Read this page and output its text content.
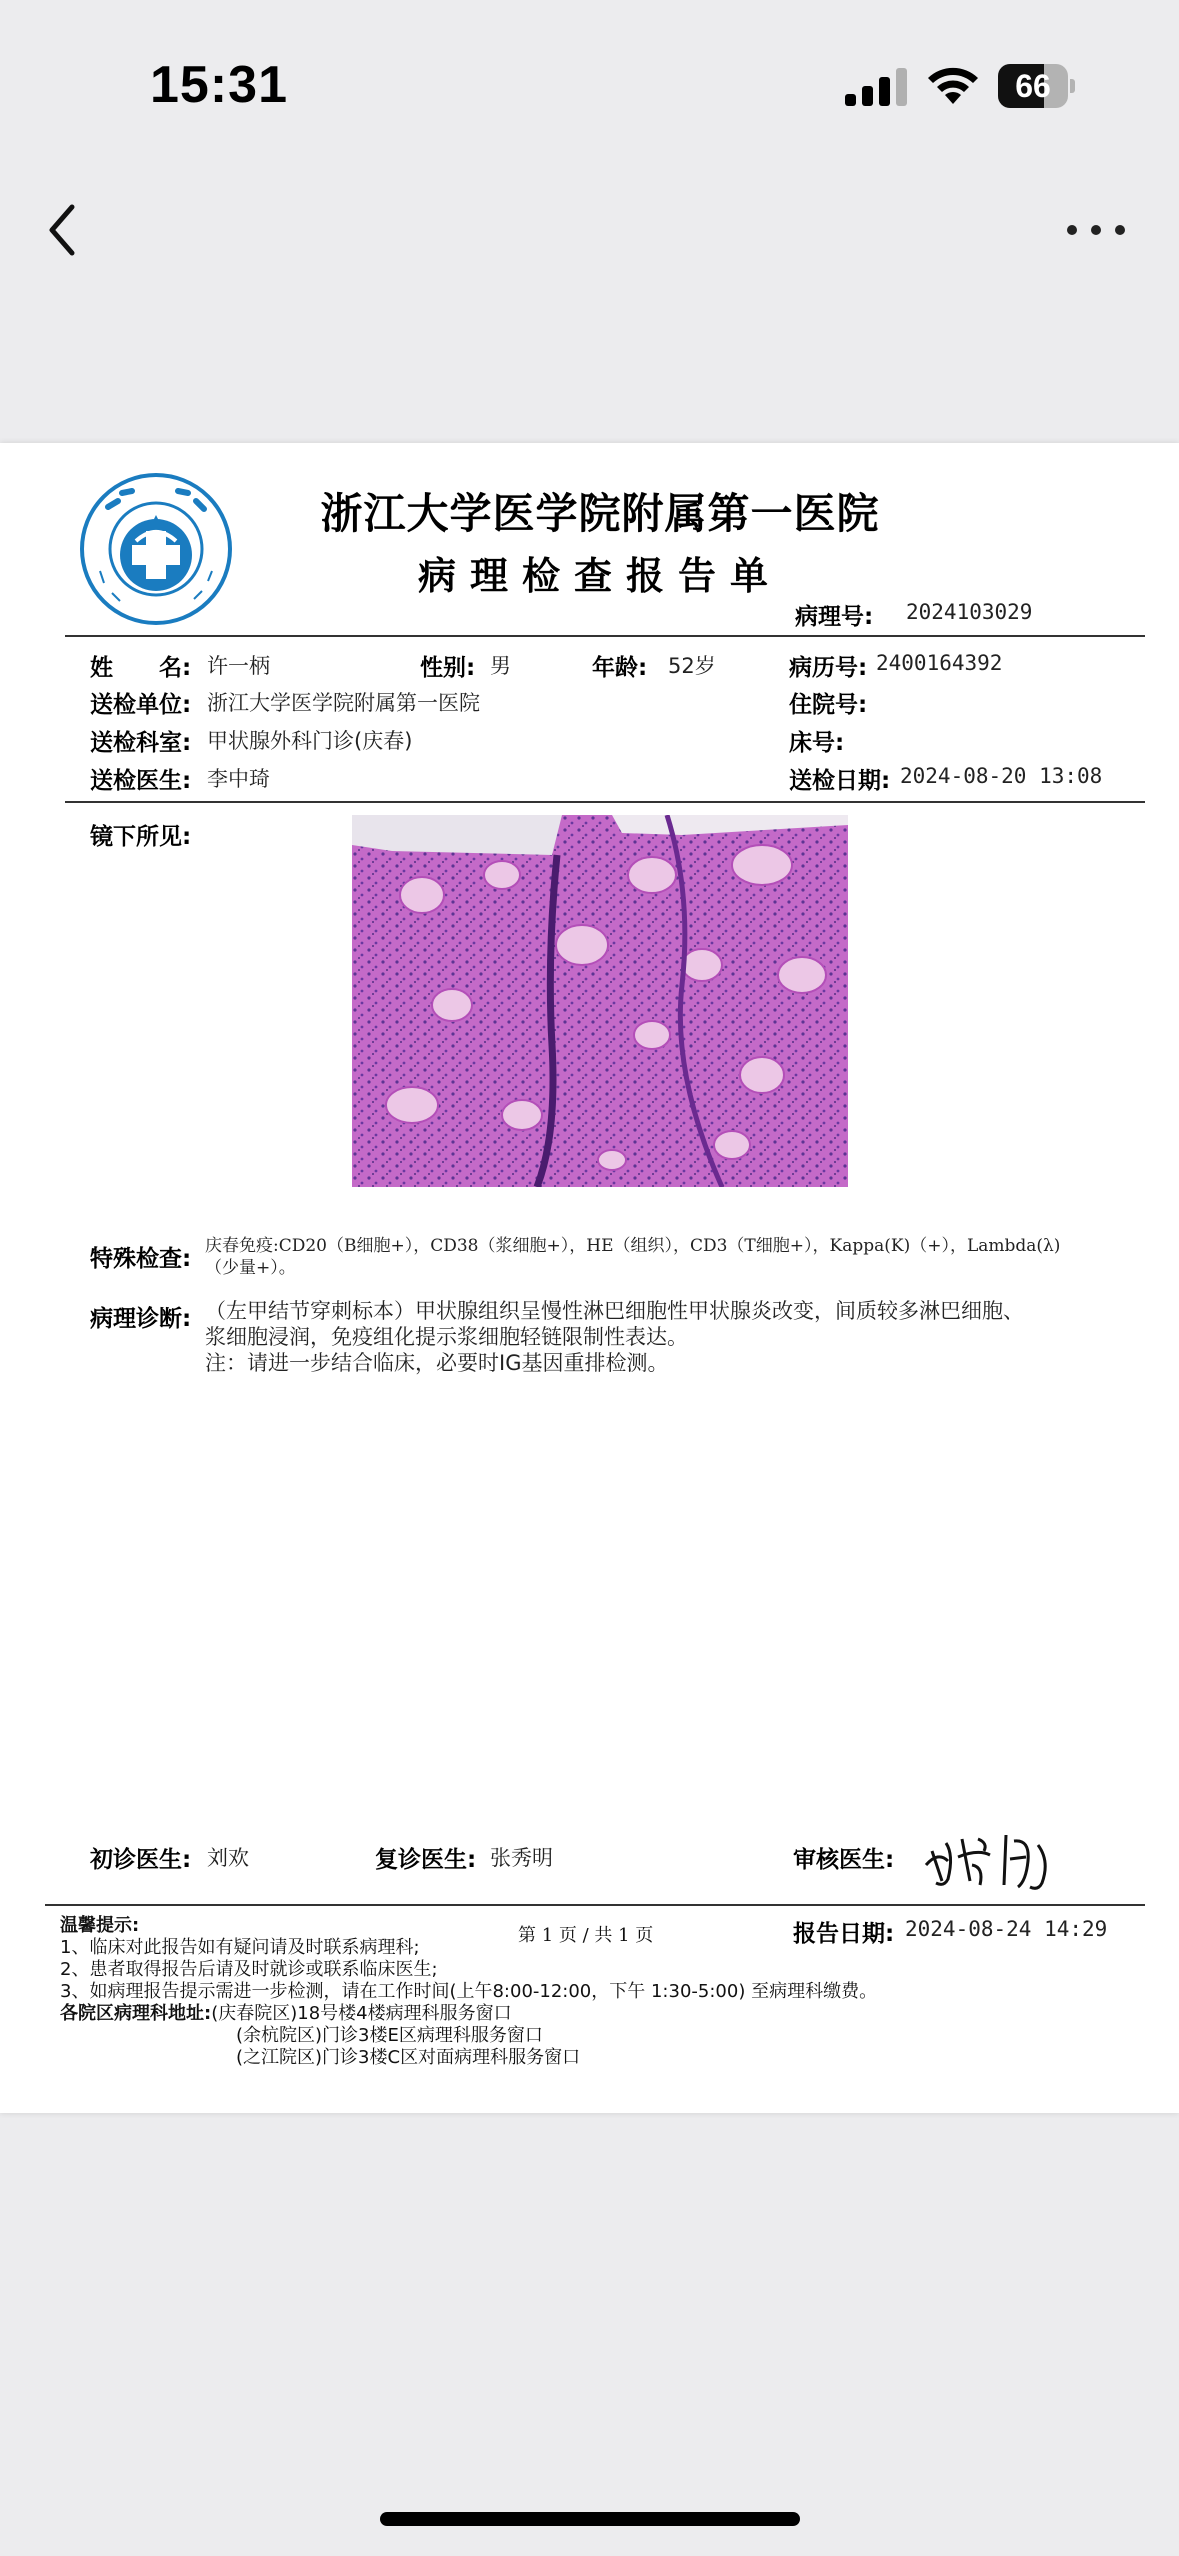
15:31	66
浙江大学医学院附属第一医院
病理检查报告单
病理号: 2024103029
姓　　名: 许一柄	性别: 男	年龄: 52岁	病历号: 2400164392
送检单位: 浙江大学医学院附属第一医院	住院号:
送检科室: 甲状腺外科门诊(庆春)	床号:
送检医生: 李中琦	送检日期: 2024-08-20 13:08
镜下所见:
特殊检查: 庆春免疫:CD20（B细胞+），CD38（浆细胞+），HE（组织），CD3（T细胞+），Kappa(K)（+），Lambda(λ)
（少量+）。
病理诊断: （左甲结节穿刺标本）甲状腺组织呈慢性淋巴细胞性甲状腺炎改变，间质较多淋巴细胞、
浆细胞浸润，免疫组化提示浆细胞轻链限制性表达。
注：请进一步结合临床，必要时IG基因重排检测。
初诊医生: 刘欢	复诊医生: 张秀明	审核医生:
第 1 页 / 共 1 页	报告日期: 2024-08-24 14:29
温馨提示:
1、临床对此报告如有疑问请及时联系病理科;
2、患者取得报告后请及时就诊或联系临床医生;
3、如病理报告提示需进一步检测，请在工作时间(上午8:00-12:00，下午 1:30-5:00) 至病理科缴费。
各院区病理科地址:(庆春院区)18号楼4楼病理科服务窗口
(余杭院区)门诊3楼E区病理科服务窗口
(之江院区)门诊3楼C区对面病理科服务窗口
